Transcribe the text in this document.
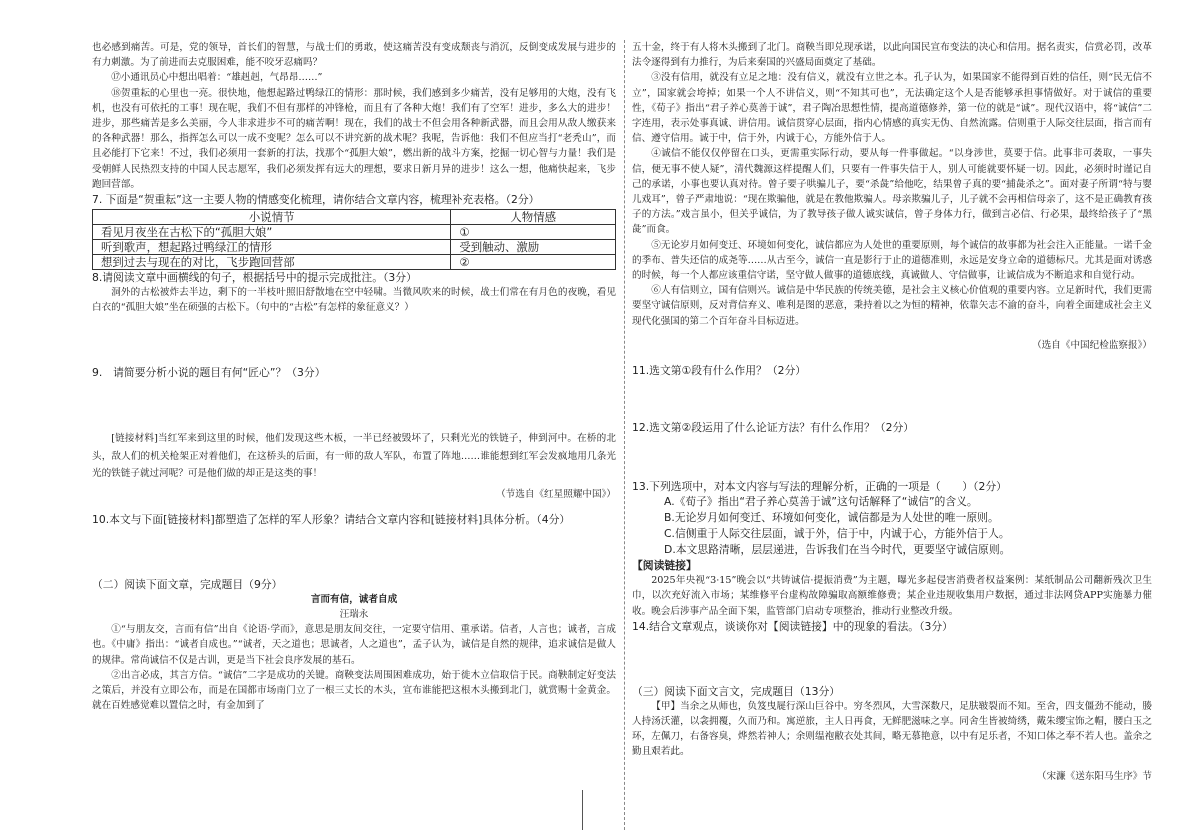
也必感到痛苦。可是，党的领导，首长们的智慧，与战士们的勇敢，使这痛苦没有变成颓丧与消沉，反倒变成发展与进步的有力刺激。为了前进而去克服困难，能不咬牙忍痛吗？

⑰小通讯员心中想出唱着：“雄赳赳，气昂昂……”

⑱贺重耘的心里也一亮。很快地，他想起路过鸭绿江的情形：那时候，我们感到多少痛苦，没有足够用的大炮，没有飞机，也没有可依托的工事！现在呢，我们不但有那样的冲锋枪，而且有了各种大炮！我们有了空军！进步，多么大的进步！进步，那些痛苦是多么美丽，今人非求进步不可的痛苦啊！现在，我们的战士不但会用各种新武器，而且会用从敌人缴获来的各种武器！那么，指挥怎么可以一成不变呢？怎么可以不讲究新的战术呢？我呢，告诉他：我们不但应当打“老秃山”，而且必能打下它来！不过，我们必须用一套新的打法，找那个“孤胆大娘”，燃出新的战斗方案，挖掘一切心智与力量！我们是受朝鲜人民热烈支持的中国人民志愿军，我们必须发挥有远大的理想，要求日新月异的进步！这么一想，他痛快起来，飞步跑回营部。

7. 下面是“贺重耘”这一主要人物的情感变化梳理，请你结合文章内容，梳理补充表格。（2分）

小说情节	人物情感
看见月夜坐在古松下的“孤胆大娘”	①
听到歌声，想起路过鸭绿江的情形	受到触动、激励
想到过去与现在的对比，飞步跑回营部	②

8.请阅读文章中画横线的句子，根据括号中的提示完成批注。（3分）

洞外的古松被炸去半边，剩下的一半枝叶照旧舒散地在空中轻啸。当微风吹来的时候，战士们常在有月色的夜晚，看见白衣的“孤胆大娘”坐在硕强的古松下。（句中的“古松”有怎样的象征意义？）

9.　请简要分析小说的题目有何“匠心”？（3分）

[链接材料]当红军来到这里的时候，他们发现这些木板，一半已经被毁坏了，只剩光光的铁链子，伸到河中。在桥的北头，敌人们的机关枪架正对着他们，在这桥头的后面，有一师的敌人军队，布置了阵地……谁能想到红军会发疯地用几条光光的铁链子就过河呢？可是他们做的却正是这类的事！

（节选自《红星照耀中国》）

10.本文与下面[链接材料]都塑造了怎样的军人形象？请结合文章内容和[链接材料]具体分析。（4分）

（二）阅读下面文章，完成题目（9分）

言而有信，诚者自成

汪瑞永

①“与朋友交，言而有信”出自《论语·学而》，意思是朋友间交往，一定要守信用、重承诺。信者，人言也；诚者，言成也。《中庸》指出：“诚者自成也。”“诚者，天之道也；思诚者，人之道也”，孟子认为，诚信是自然的规律，追求诚信是做人的规律。常尚诚信不仅是古训，更是当下社会良序发展的基石。

②出言必成，其言方信。“诚信”二字是成功的关键。商鞅变法周围困难成功，始于徙木立信取信于民。商鞅制定好变法之策后，并没有立即公布，而是在国都市场南门立了一根三丈长的木头，宣布谁能把这根木头搬到北门，就赏赐十金黄金。就在百姓感觉难以置信之时，有金加到了

五十金，终于有人将木头搬到了北门。商鞅当即兑现承诺，以此向国民宣布变法的决心和信用。据名责实，信赏必罚，改革法令逐得到有力推行，为后来秦国的兴盛局面奠定了基础。

③没有信用，就没有立足之地：没有信义，就没有立世之本。孔子认为，如果国家不能得到百姓的信任，则“民无信不立”，国家就会垮掉；如果一个人不讲信义，则“不知其可也”，无法确定这个人是否能够承担事情做好。对于诚信的重要性，《荀子》指出“君子养心莫善于诚”，君子陶冶思想性情，提高道德修养，第一位的就是“诚”。现代汉语中，将“诚信”二字连用，表示处事真诚、讲信用。诚信贯穿心层面，指内心情感的真实无伪、自然流露。信则重于人际交往层面，指言而有信、遵守信用。诚于中，信于外，内诚于心，方能外信于人。

④诚信不能仅仅停留在口头，更需重实际行动，要从每一件事做起。“以身涉世，莫要于信。此事非可袭取，一事失信，便无事不使人疑”，清代魏源这样提醒人们，只要有一件事失信于人，别人可能就要怀疑一切。因此，必须时时谨记自己的承诺，小事也要认真对待。曾子要子哄骗儿子，要“杀彘”给他吃，结果曾子真的要“捕彘杀之”。面对妻子所谓“特与婴儿戏耳”，曾子严肃地说：“现在欺骗他，就是在教他欺骗人。母亲欺骗儿子，儿子就不会再相信母亲了，这不是正确教育孩子的方法。”戏言虽小，但关乎诚信，为了教导孩子做人诚实诚信，曾子身体力行，做到言必信、行必果，最终给孩子了“黑彘”而食。

⑤无论岁月如何变迁、环境如何变化，诚信都应为人处世的重要原则，每个诚信的故事都为社会注入正能量。一诺千金的季布、普失还信的成尧等……从古至今，诚信一直是影行于止的道德准则，永远是安身立命的道德标尺。尤其是面对诱惑的时候，每一个人都应该重信守诺，坚守做人做事的道德底线，真诚做人、守信做事，让诚信成为不断追求和自觉行动。

⑥人有信则立，国有信则兴。诚信是中华民族的传统美德，是社会主义核心价值观的重要内容。立足新时代，我们更需要坚守诚信原则，反对背信弃义、唯利是图的恶意，秉持着以之为恒的精神，依靠矢志不渝的奋斗，向着全面建成社会主义现代化强国的第二个百年奋斗目标迈进。

（选自《中国纪检监察报》）

11.选文第①段有什么作用？（2分）

12.选文第②段运用了什么论证方法？有什么作用？（2分）

13.下列选项中，对本文内容与写法的理解分析，正确的一项是（　　）（2分）

A.《荀子》指出“君子养心莫善于诚”这句话解释了“诚信”的含义。

B.无论岁月如何变迁、环境如何变化，诚信都是为人处世的唯一原则。

C.信侧重于人际交往层面，诚于外，信于中，内诚于心，方能外信于人。

D.本文思路清晰，层层递进，告诉我们在当今时代，更要坚守诚信原则。

【阅读链接】

2025年央视“3·15”晚会以“共铸诚信·提振消费”为主题，曝光多起侵害消费者权益案例：某纸制品公司翻新残次卫生巾，以次充好流入市场；某维修平台虚构故障骗取高额维修费；某企业违规收集用户数据，通过非法网贷APP实施暴力催收。晚会后涉事产品全面下架，监管部门启动专项整治，推动行业整改升级。

14.结合文章观点，谈谈你对【阅读链接】中的现象的看法。（3分）

（三）阅读下面文言文，完成题目（13分）

【甲】当余之从师也，负笈曳屣行深山巨谷中。穷冬烈风，大雪深数尺，足肤皲裂而不知。至舍，四支僵劲不能动，媵人持汤沃灌，以衾拥覆，久而乃和。寓逆旅，主人日再食，无鲜肥滋味之享。同舍生皆被绮绣，戴朱缨宝饰之帽，腰白玉之环，左佩刀，右备容臭，烨然若神人；余则缊袍敝衣处其间，略无慕艳意，以中有足乐者，不知口体之奉不若人也。盖余之勤且艰若此。

（宋濂《送东阳马生序》节
